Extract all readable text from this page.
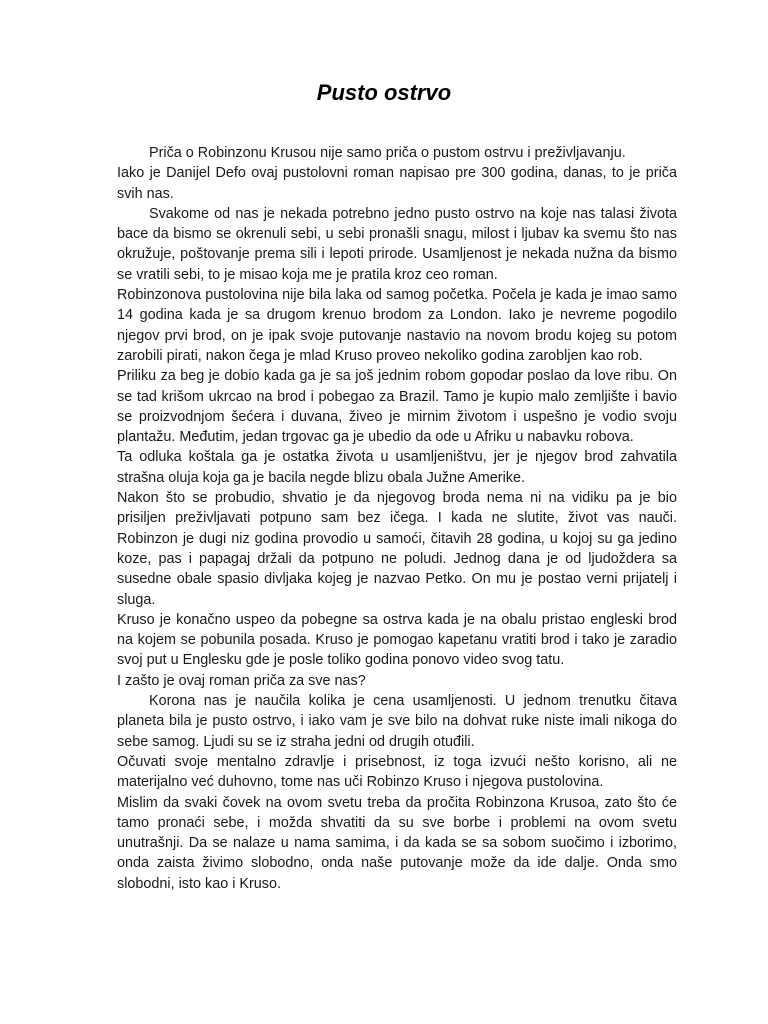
Pusto ostrvo

Priča o Robinzonu Krusou nije samo priča o pustom ostrvu i preživljavanju.

Iako je Danijel Defo ovaj pustolovni roman napisao pre 300 godina, danas, to je priča svih nas.

Svakome od nas je nekada potrebno jedno pusto ostrvo na koje nas talasi života bace da bismo se okrenuli sebi, u sebi pronašli snagu, milost i ljubav ka svemu što nas okružuje, poštovanje prema sili i lepoti prirode. Usamljenost je nekada nužna da bismo se vratili sebi, to je misao koja me je pratila kroz ceo roman.

Robinzonova pustolovina nije bila laka od samog početka. Počela je kada je imao samo 14 godina kada je sa drugom krenuo brodom za London. Iako je nevreme pogodilo njegov prvi brod, on je ipak svoje putovanje nastavio na novom brodu kojeg su potom zarobili pirati, nakon čega je mlad Kruso proveo nekoliko godina zarobljen kao rob.

Priliku za beg je dobio kada ga je sa još jednim robom gopodar poslao da love ribu. On se tad krišom ukrcao na brod i pobegao za Brazil. Tamo je kupio malo zemljište i bavio se proizvodnjom šećera i duvana, živeo je mirnim životom i uspešno je vodio svoju plantažu. Međutim, jedan trgovac ga je ubedio da ode u Afriku u nabavku robova.

Ta odluka koštala ga je ostatka života u usamljeništvu, jer je njegov brod zahvatila strašna oluja koja ga je bacila negde blizu obala Južne Amerike.

Nakon što se probudio, shvatio je da njegovog broda nema ni na vidiku pa je bio prisiljen preživljavati potpuno sam bez ičega. I kada ne slutite, život vas nauči. Robinzon je dugi niz godina provodio u samoći, čitavih 28 godina, u kojoj su ga jedino koze, pas i papagaj držali da potpuno ne poludi. Jednog dana je od ljudoždera sa susedne obale spasio divljaka kojeg je nazvao Petko. On mu je postao verni prijatelj i sluga.

Kruso je konačno uspeo da pobegne sa ostrva kada je na obalu pristao engleski brod na kojem se pobunila posada. Kruso je pomogao kapetanu vratiti brod i tako je zaradio svoj put u Englesku gde je posle toliko godina ponovo video svog tatu.

I zašto je ovaj roman priča za sve nas?

Korona nas je naučila kolika je cena usamljenosti. U jednom trenutku čitava planeta bila je pusto ostrvo, i iako vam je sve bilo na dohvat ruke niste imali nikoga do sebe samog. Ljudi su se iz straha jedni od drugih otuđili.

Očuvati svoje mentalno zdravlje i prisebnost, iz toga izvući nešto korisno, ali ne materijalno već duhovno, tome nas uči Robinzo Kruso i njegova pustolovina.

Mislim da svaki čovek na ovom svetu treba da pročita Robinzona Krusoa, zato što će tamo pronaći sebe, i možda shvatiti da su sve borbe i problemi na ovom svetu unutrašnji. Da se nalaze u nama samima, i da kada se sa sobom suočimo i izborimo, onda zaista živimo slobodno, onda naše putovanje može da ide dalje. Onda smo slobodni, isto kao i Kruso.
